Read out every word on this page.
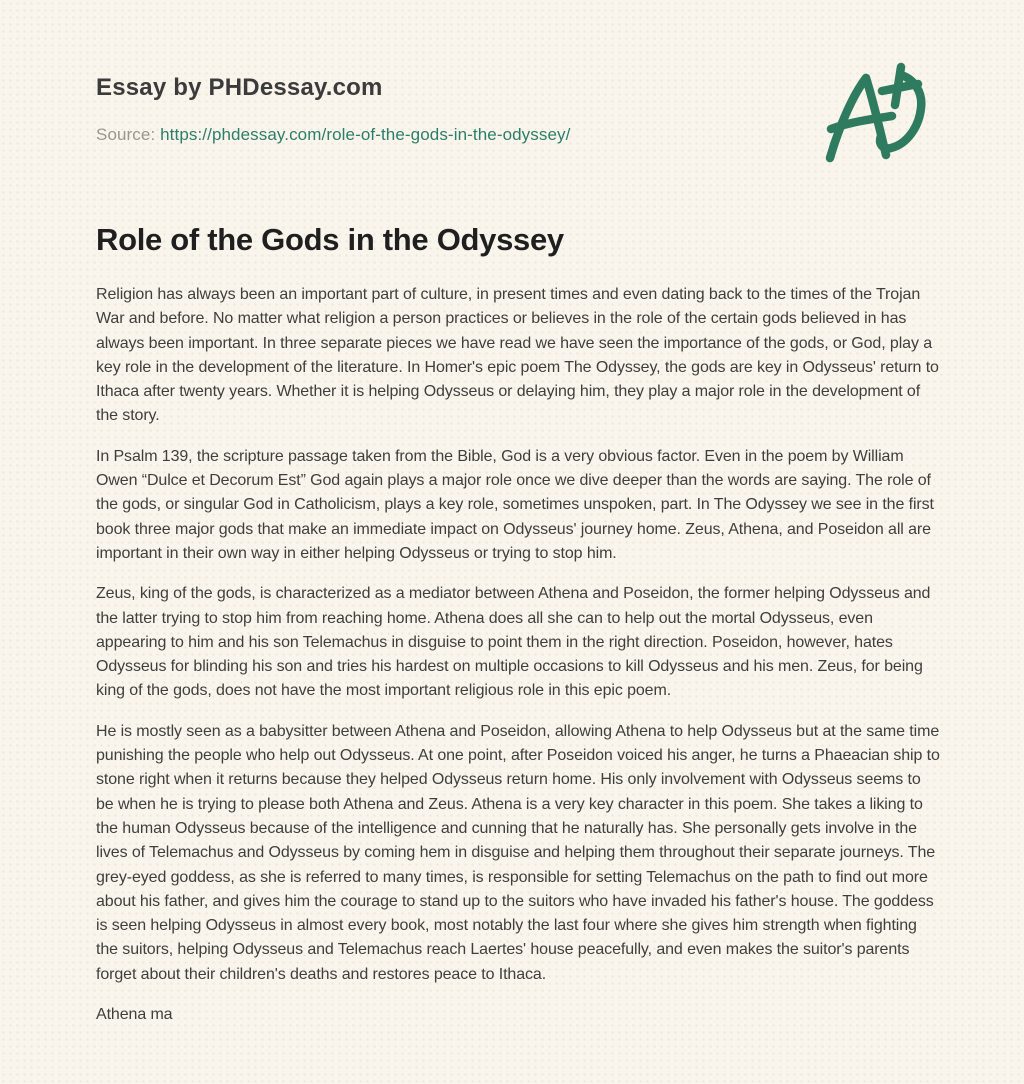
Essay by PHDessay.com
Source: https://phdessay.com/role-of-the-gods-in-the-odyssey/
Role of the Gods in the Odyssey

Religion has always been an important part of culture, in present times and even dating back to the times of the Trojan War and before. No matter what religion a person practices or believes in the role of the certain gods believed in has always been important. In three separate pieces we have read we have seen the importance of the gods, or God, play a key role in the development of the literature. In Homer's epic poem The Odyssey, the gods are key in Odysseus' return to Ithaca after twenty years. Whether it is helping Odysseus or delaying him, they play a major role in the development of the story.

In Psalm 139, the scripture passage taken from the Bible, God is a very obvious factor. Even in the poem by William Owen “Dulce et Decorum Est” God again plays a major role once we dive deeper than the words are saying. The role of the gods, or singular God in Catholicism, plays a key role, sometimes unspoken, part. In The Odyssey we see in the first book three major gods that make an immediate impact on Odysseus' journey home. Zeus, Athena, and Poseidon all are important in their own way in either helping Odysseus or trying to stop him.

Zeus, king of the gods, is characterized as a mediator between Athena and Poseidon, the former helping Odysseus and the latter trying to stop him from reaching home. Athena does all she can to help out the mortal Odysseus, even appearing to him and his son Telemachus in disguise to point them in the right direction. Poseidon, however, hates Odysseus for blinding his son and tries his hardest on multiple occasions to kill Odysseus and his men. Zeus, for being king of the gods, does not have the most important religious role in this epic poem.

He is mostly seen as a babysitter between Athena and Poseidon, allowing Athena to help Odysseus but at the same time punishing the people who help out Odysseus. At one point, after Poseidon voiced his anger, he turns a Phaeacian ship to stone right when it returns because they helped Odysseus return home. His only involvement with Odysseus seems to be when he is trying to please both Athena and Zeus. Athena is a very key character in this poem. She takes a liking to the human Odysseus because of the intelligence and cunning that he naturally has. She personally gets involve in the lives of Telemachus and Odysseus by coming hem in disguise and helping them throughout their separate journeys. The grey-eyed goddess, as she is referred to many times, is responsible for setting Telemachus on the path to find out more about his father, and gives him the courage to stand up to the suitors who have invaded his father's house. The goddess is seen helping Odysseus in almost every book, most notably the last four where she gives him strength when fighting the suitors, helping Odysseus and Telemachus reach Laertes' house peacefully, and even makes the suitor's parents forget about their children's deaths and restores peace to Ithaca.

Athena ma
